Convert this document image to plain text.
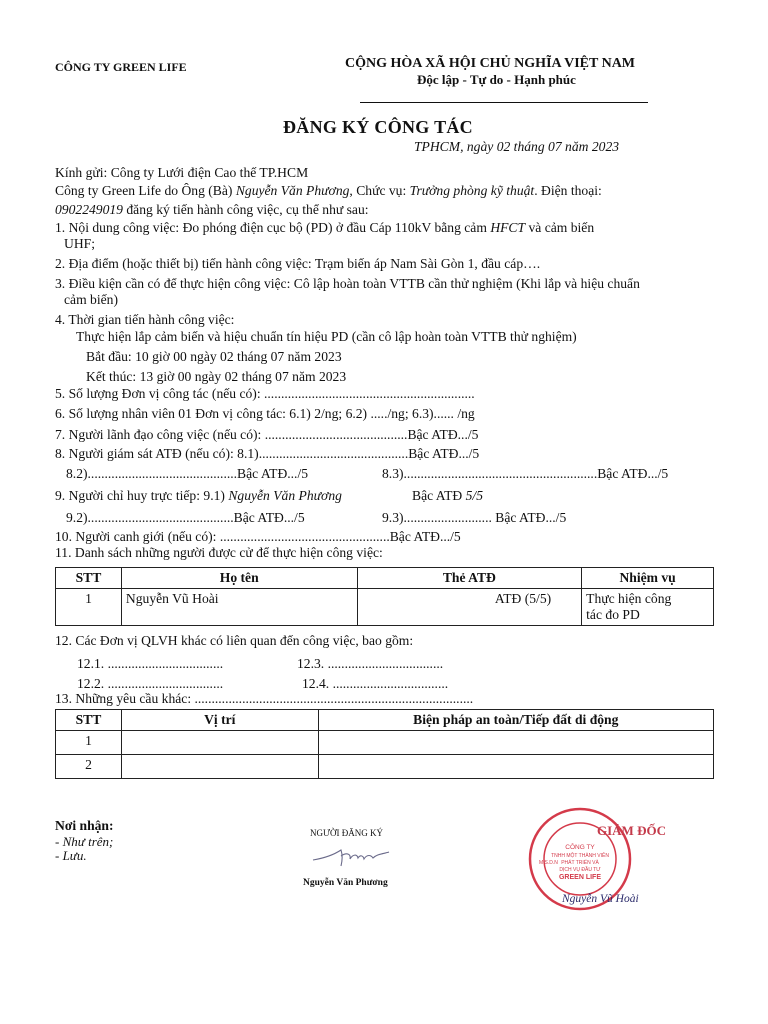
CÔNG TY GREEN LIFE	CỘNG HÒA XÃ HỘI CHỦ NGHĨA VIỆT NAM
Độc lập - Tự do - Hạnh phúc
ĐĂNG KÝ CÔNG TÁC
TPHCM, ngày 02 tháng 07 năm 2023
Kính gửi: Công ty Lưới điện Cao thế TP.HCM
Công ty Green Life do Ông (Bà) Nguyễn Văn Phương, Chức vụ: Trưởng phòng kỹ thuật. Điện thoại:
0902249019 đăng ký tiến hành công việc, cụ thể như sau:
1. Nội dung công việc: Đo phóng điện cục bộ (PD) ở đầu Cáp 110kV bằng cảm HFCT và cảm biến
UHF;
2. Địa điểm (hoặc thiết bị) tiến hành công việc: Trạm biến áp Nam Sài Gòn 1, đầu cáp….
3. Điều kiện cần có để thực hiện công việc: Cô lập hoàn toàn VTTB cần thử nghiệm (Khi lắp và hiệu chuẩn
cảm biến)
4. Thời gian tiến hành công việc:
Thực hiện lắp cảm biến và hiệu chuẩn tín hiệu PD (cần cô lập hoàn toàn VTTB thử nghiệm)
Bắt đầu: 10 giờ 00 ngày 02 tháng 07 năm 2023
Kết thúc: 13 giờ 00 ngày 02 tháng 07 năm 2023
5. Số lượng Đơn vị công tác (nếu có): ..............................................................
6. Số lượng nhân viên 01 Đơn vị công tác: 6.1) 2/ng; 6.2) ...../ng; 6.3)...... /ng
7. Người lãnh đạo công việc (nếu có): ..........................................Bậc ATĐ.../5
8. Người giám sát ATĐ (nếu có): 8.1)............................................Bậc ATĐ.../5
8.2)............................................Bậc ATĐ.../5	8.3).........................................................Bậc ATĐ.../5
9. Người chỉ huy trực tiếp: 9.1) Nguyễn Văn Phương	Bậc ATĐ 5/5
9.2)...........................................Bậc ATĐ.../5	9.3).......................... Bậc ATĐ.../5
10. Người canh giới (nếu có): ..................................................Bậc ATĐ.../5
11. Danh sách những người được cử để thực hiện công việc:
STT	Họ tên	Thẻ ATĐ	Nhiệm vụ
1	Nguyễn Vũ Hoài	ATĐ (5/5)	Thực hiện công
tác đo PD
12. Các Đơn vị QLVH khác có liên quan đến công việc, bao gồm:
12.1. ..................................	12.3. ..................................
12.2. ..................................	12.4. ..................................
13. Những yêu cầu khác: ..................................................................................
STT	Vị trí	Biện pháp an toàn/Tiếp đất di động
1		
2		
Nơi nhận:
- Như trên;
- Lưu.
NGƯỜI ĐĂNG KÝ
Nguyễn Văn Phương
CÔNG TY
TNHH MỘT THÀNH VIÊN
PHÁT TRIỂN VÀ
DỊCH VỤ ĐẦU TƯ
GREEN LIFE
M.S.D.N
GIÁM ĐỐC
Nguyễn Vũ Hoài
